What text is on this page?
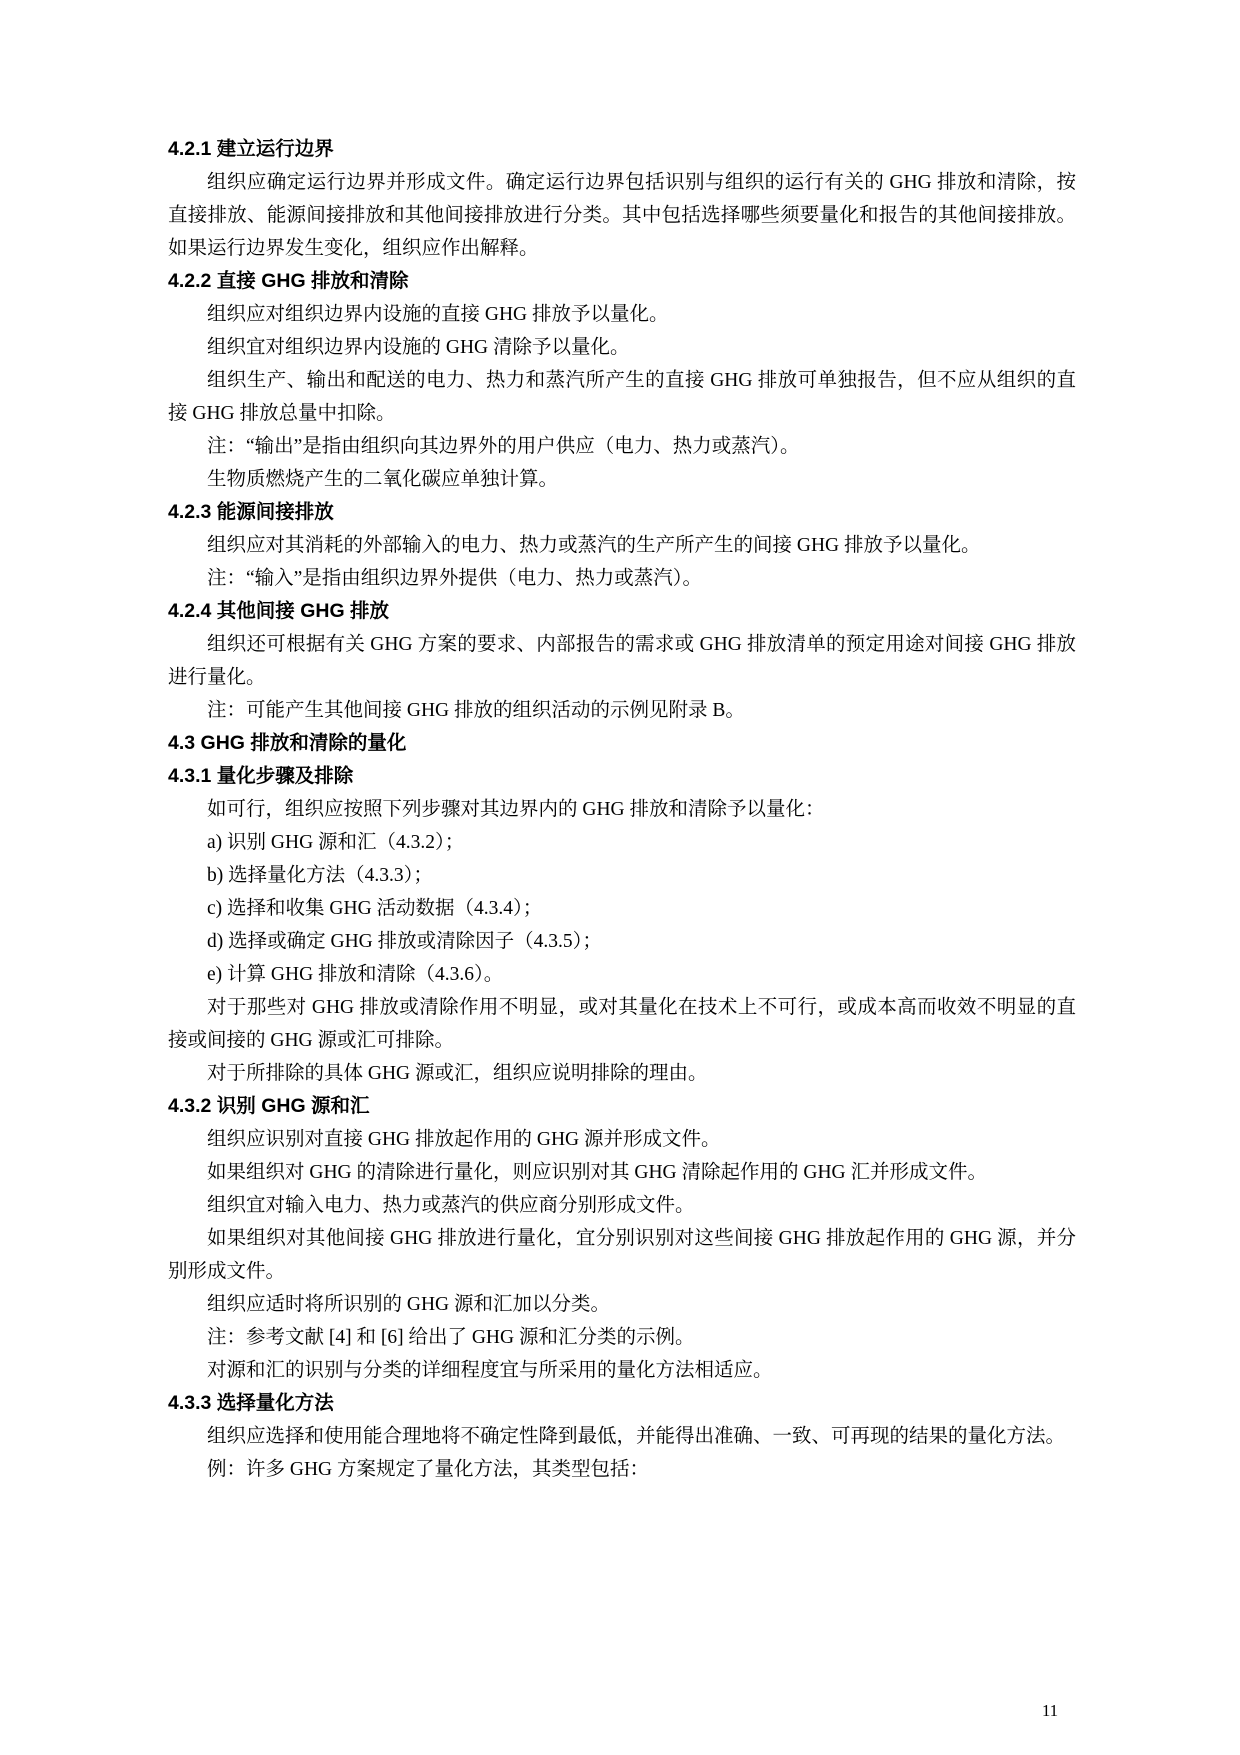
4.2.1 建立运行边界

组织应确定运行边界并形成文件。确定运行边界包括识别与组织的运行有关的 GHG 排放和清除，按直接排放、能源间接排放和其他间接排放进行分类。其中包括选择哪些须要量化和报告的其他间接排放。如果运行边界发生变化，组织应作出解释。

4.2.2 直接 GHG 排放和清除

组织应对组织边界内设施的直接 GHG 排放予以量化。

组织宜对组织边界内设施的 GHG 清除予以量化。

组织生产、输出和配送的电力、热力和蒸汽所产生的直接 GHG 排放可单独报告，但不应从组织的直接 GHG 排放总量中扣除。

注：“输出”是指由组织向其边界外的用户供应（电力、热力或蒸汽）。

生物质燃烧产生的二氧化碳应单独计算。

4.2.3 能源间接排放

组织应对其消耗的外部输入的电力、热力或蒸汽的生产所产生的间接 GHG 排放予以量化。

注：“输入”是指由组织边界外提供（电力、热力或蒸汽）。

4.2.4 其他间接 GHG 排放

组织还可根据有关 GHG 方案的要求、内部报告的需求或 GHG 排放清单的预定用途对间接 GHG 排放进行量化。

注：可能产生其他间接 GHG 排放的组织活动的示例见附录 B。

4.3 GHG 排放和清除的量化

4.3.1 量化步骤及排除

如可行，组织应按照下列步骤对其边界内的 GHG 排放和清除予以量化：

a) 识别 GHG 源和汇（4.3.2）；

b) 选择量化方法（4.3.3）；

c) 选择和收集 GHG 活动数据（4.3.4）；

d) 选择或确定 GHG 排放或清除因子（4.3.5）；

e) 计算 GHG 排放和清除（4.3.6）。

对于那些对 GHG 排放或清除作用不明显，或对其量化在技术上不可行，或成本高而收效不明显的直接或间接的 GHG 源或汇可排除。

对于所排除的具体 GHG 源或汇，组织应说明排除的理由。

4.3.2 识别 GHG 源和汇

组织应识别对直接 GHG 排放起作用的 GHG 源并形成文件。

如果组织对 GHG 的清除进行量化，则应识别对其 GHG 清除起作用的 GHG 汇并形成文件。

组织宜对输入电力、热力或蒸汽的供应商分别形成文件。

如果组织对其他间接 GHG 排放进行量化，宜分别识别对这些间接 GHG 排放起作用的 GHG 源，并分别形成文件。

组织应适时将所识别的 GHG 源和汇加以分类。

注：参考文献 [4] 和 [6] 给出了 GHG 源和汇分类的示例。

对源和汇的识别与分类的详细程度宜与所采用的量化方法相适应。

4.3.3 选择量化方法

组织应选择和使用能合理地将不确定性降到最低，并能得出准确、一致、可再现的结果的量化方法。

例：许多 GHG 方案规定了量化方法，其类型包括：

11
